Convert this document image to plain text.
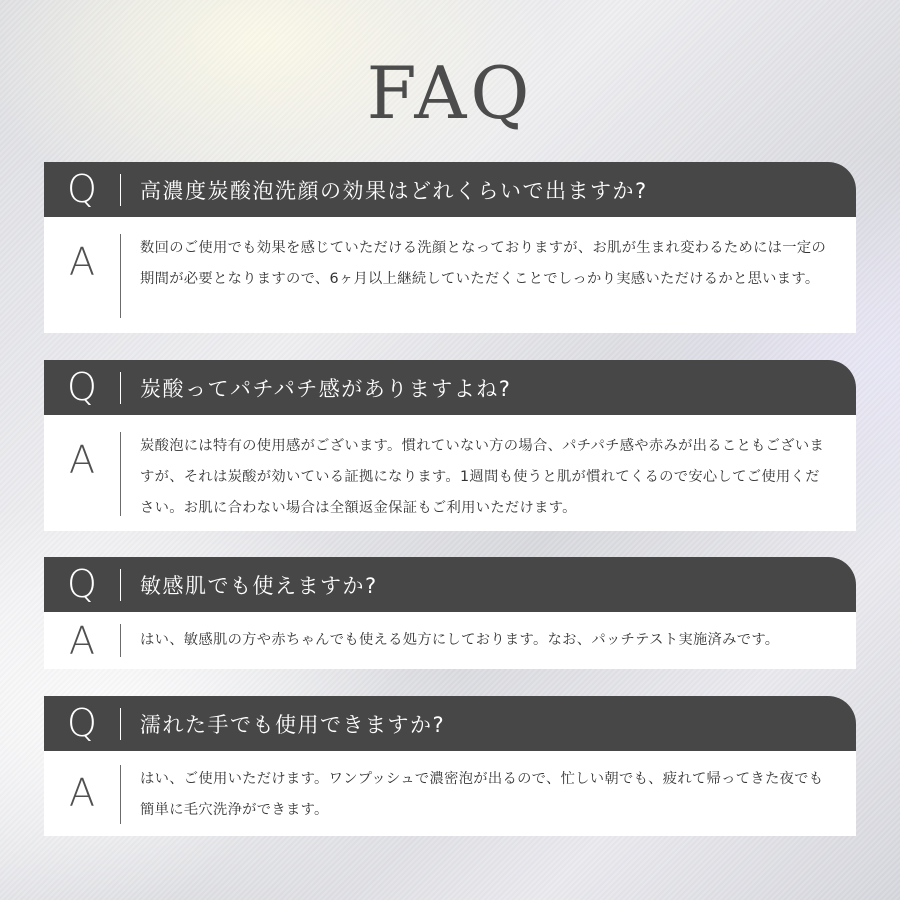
FAQ
Q	高濃度炭酸泡洗顔の効果はどれくらいで出ますか?
A	数回のご使用でも効果を感じていただける洗顔となっておりますが、お肌が生まれ変わるためには一定の期間が必要となりますので、6ヶ月以上継続していただくことでしっかり実感いただけるかと思います。
Q	炭酸ってパチパチ感がありますよね?
A	炭酸泡には特有の使用感がございます。慣れていない方の場合、パチパチ感や赤みが出ることもございますが、それは炭酸が効いている証拠になります。1週間も使うと肌が慣れてくるので安心してご使用ください。お肌に合わない場合は全額返金保証もご利用いただけます。
Q	敏感肌でも使えますか?
A	はい、敏感肌の方や赤ちゃんでも使える処方にしております。なお、パッチテスト実施済みです。
Q	濡れた手でも使用できますか?
A	はい、ご使用いただけます。ワンプッシュで濃密泡が出るので、忙しい朝でも、疲れて帰ってきた夜でも簡単に毛穴洗浄ができます。
